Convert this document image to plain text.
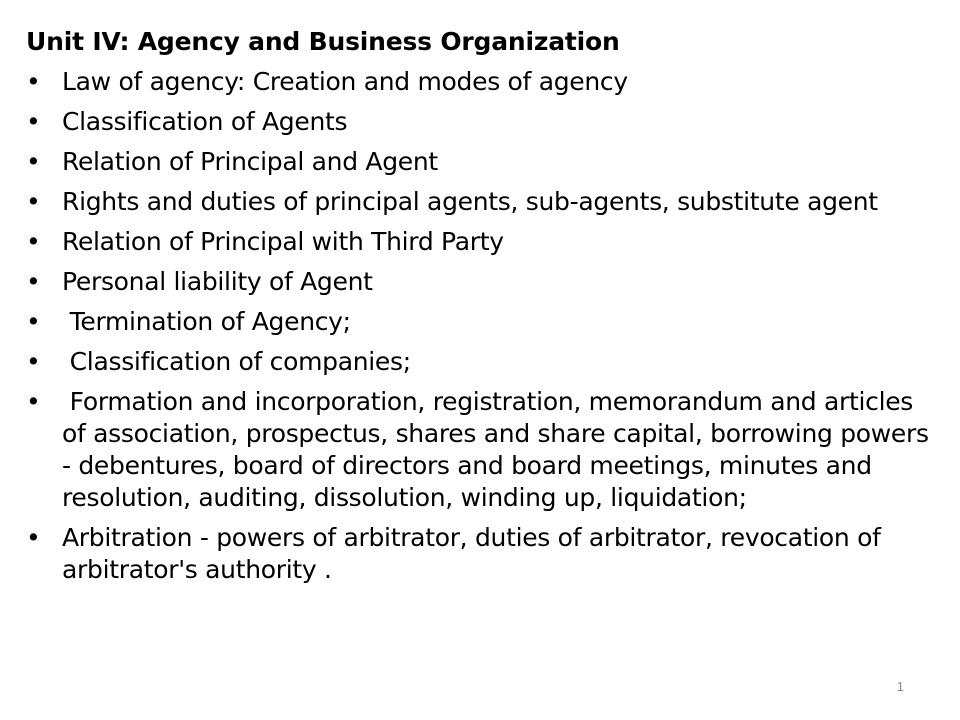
Unit IV: Agency and Business Organization
• Law of agency: Creation and modes of agency
• Classification of Agents
• Relation of Principal and Agent
• Rights and duties of principal agents, sub-agents, substitute agent
• Relation of Principal with Third Party
• Personal liability of Agent
• Termination of Agency;
• Classification of companies;
• Formation and incorporation, registration, memorandum and articles of association, prospectus, shares and share capital, borrowing powers - debentures, board of directors and board meetings, minutes and resolution, auditing, dissolution, winding up, liquidation;
• Arbitration - powers of arbitrator, duties of arbitrator, revocation of arbitrator's authority .
1
